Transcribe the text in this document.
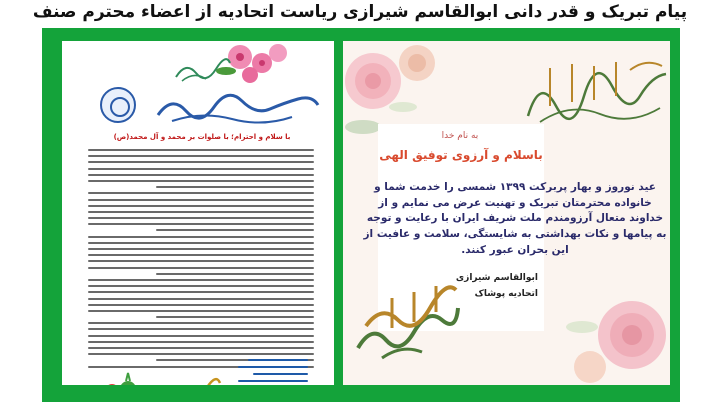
پیام تبریک و قدر دانی ابوالقاسم شیرازی ریاست اتحادیه از اعضاء محترم صنف
با سلام و احترام؛ با صلوات بر محمد و آل محمد(ص)	به نام خدا
باسلام و آرزوی توفیق الهی
عید نوروز و بهار پربرکت ۱۳۹۹ شمسی را خدمت شما و خانواده محترمتان تبریک و تهنیت عرض می نمایم و از خداوند متعال آرزومندم ملت شریف ایران با رعایت و توجه به پیامها و نکات بهداشتی به شایستگی، سلامت و عافیت از این بحران عبور کنند.
ابوالقاسم شیرازی
اتحادیه پوشاک
